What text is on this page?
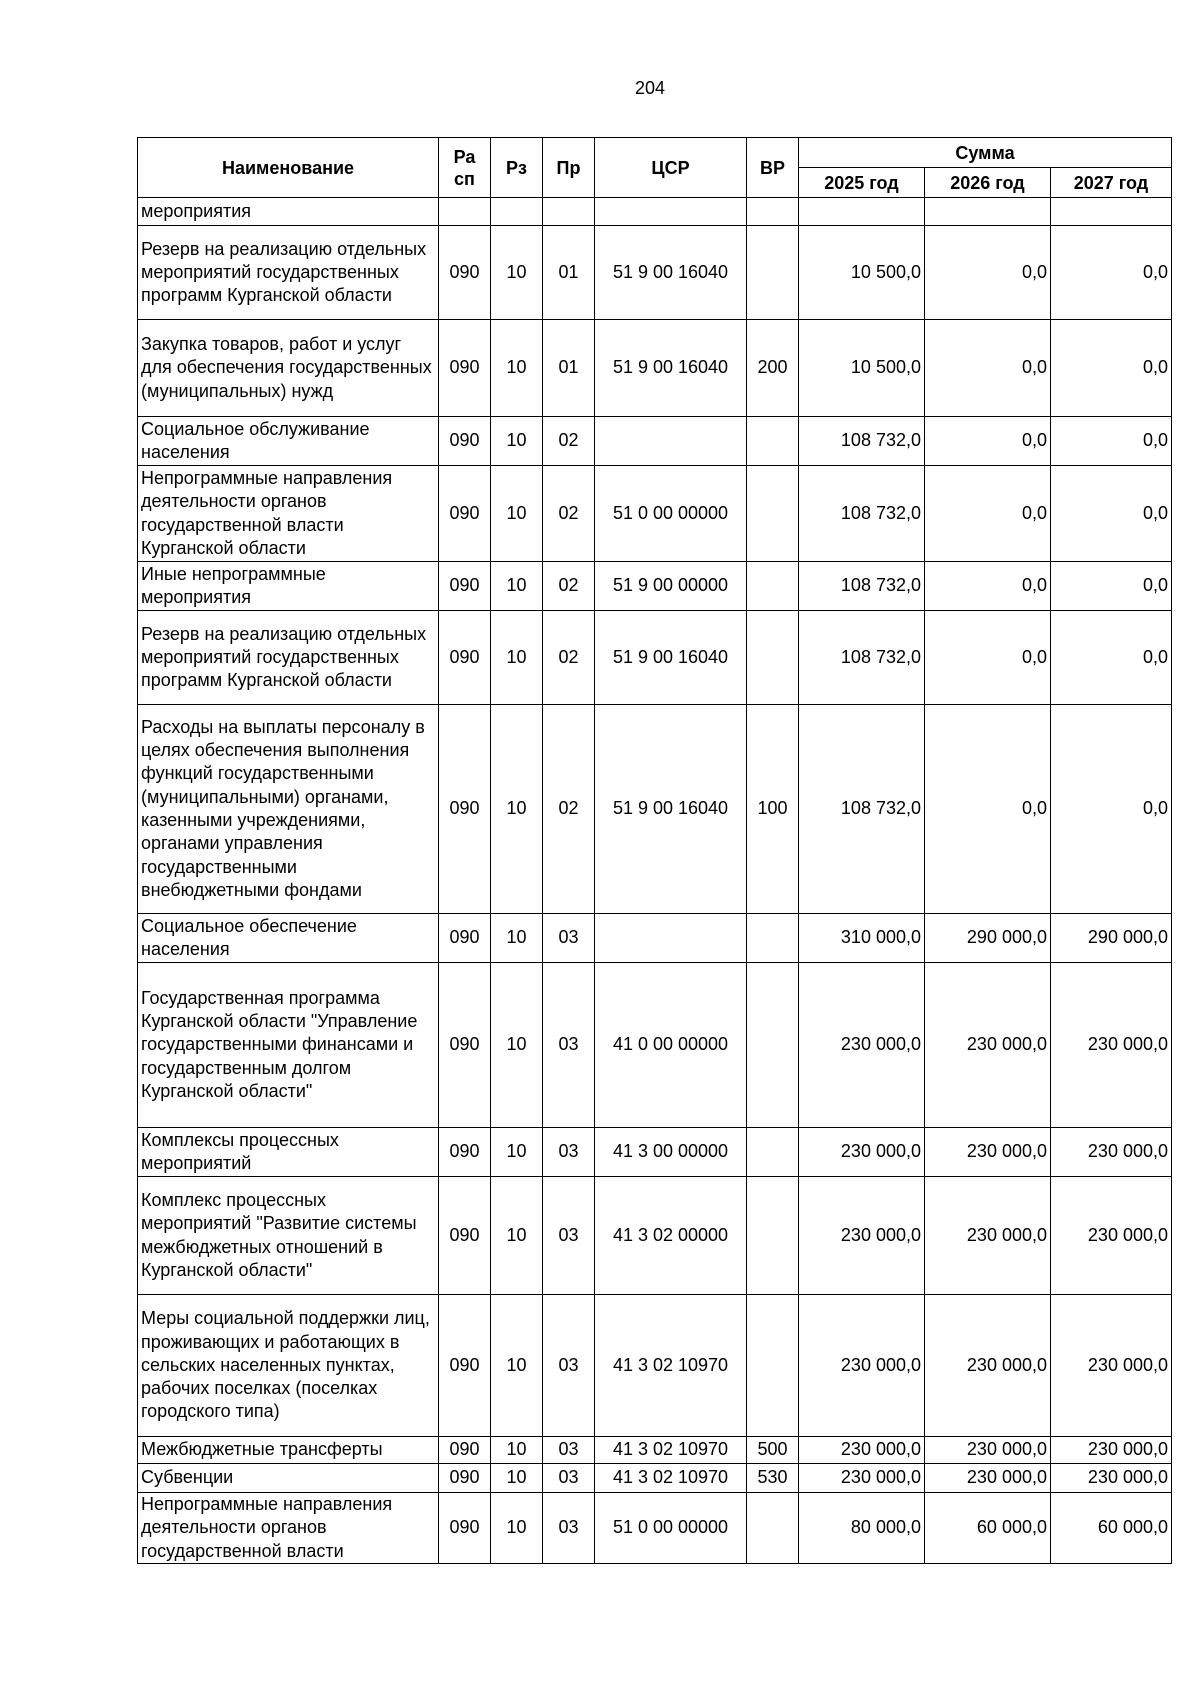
204
Наименование	Ра сп	Рз	Пр	ЦСР	ВР	Сумма		
						2025 год	2026 год	2027 год
мероприятия								
Резерв на реализацию отдельных мероприятий государственных программ Курганской области	090	10	01	51 9 00 16040		10 500,0	0,0	0,0
Закупка товаров, работ и услуг для обеспечения государственных (муниципальных) нужд	090	10	01	51 9 00 16040	200	10 500,0	0,0	0,0
Социальное обслуживание населения	090	10	02			108 732,0	0,0	0,0
Непрограммные направления деятельности органов государственной власти Курганской области	090	10	02	51 0 00 00000		108 732,0	0,0	0,0
Иные непрограммные мероприятия	090	10	02	51 9 00 00000		108 732,0	0,0	0,0
Резерв на реализацию отдельных мероприятий государственных программ Курганской области	090	10	02	51 9 00 16040		108 732,0	0,0	0,0
Расходы на выплаты персоналу в целях обеспечения выполнения функций государственными (муниципальными) органами, казенными учреждениями, органами управления государственными внебюджетными фондами	090	10	02	51 9 00 16040	100	108 732,0	0,0	0,0
Социальное обеспечение населения	090	10	03			310 000,0	290 000,0	290 000,0
Государственная программа Курганской области "Управление государственными финансами и государственным долгом Курганской области"	090	10	03	41 0 00 00000		230 000,0	230 000,0	230 000,0
Комплексы процессных мероприятий	090	10	03	41 3 00 00000		230 000,0	230 000,0	230 000,0
Комплекс процессных мероприятий "Развитие системы межбюджетных отношений в Курганской области"	090	10	03	41 3 02 00000		230 000,0	230 000,0	230 000,0
Меры социальной поддержки лиц, проживающих и работающих в сельских населенных пунктах, рабочих поселках (поселках городского типа)	090	10	03	41 3 02 10970		230 000,0	230 000,0	230 000,0
Межбюджетные трансферты	090	10	03	41 3 02 10970	500	230 000,0	230 000,0	230 000,0
Субвенции	090	10	03	41 3 02 10970	530	230 000,0	230 000,0	230 000,0
Непрограммные направления деятельности органов государственной власти	090	10	03	51 0 00 00000		80 000,0	60 000,0	60 000,0
